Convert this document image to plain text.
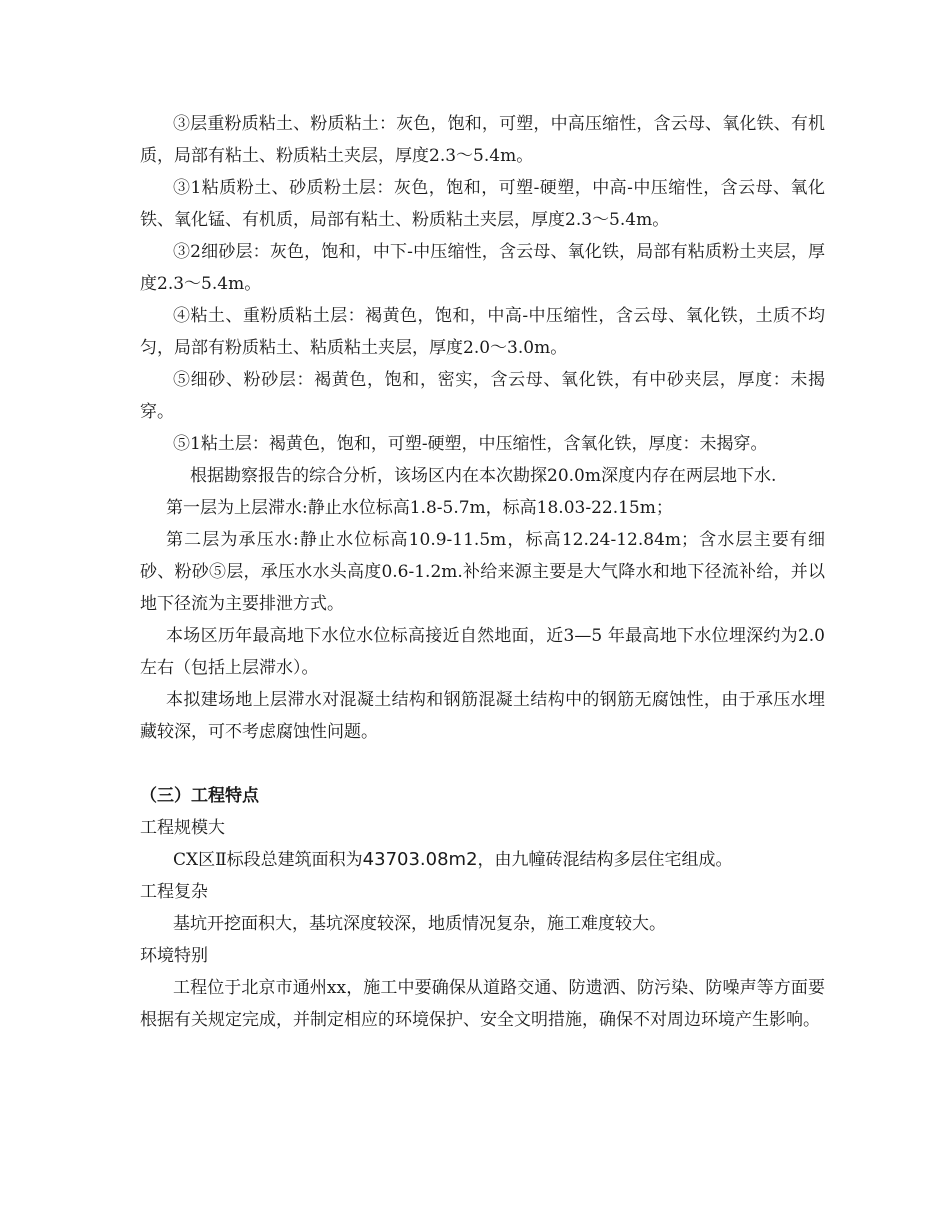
③层重粉质粘土、粉质粘土：灰色，饱和，可塑，中高压缩性，含云母、氧化铁、有机质，局部有粘土、粉质粘土夹层，厚度2.3～5.4m。

③1粘质粉土、砂质粉土层：灰色，饱和，可塑-硬塑，中高-中压缩性，含云母、氧化铁、氧化锰、有机质，局部有粘土、粉质粘土夹层，厚度2.3～5.4m。

③2细砂层：灰色，饱和，中下-中压缩性，含云母、氧化铁，局部有粘质粉土夹层，厚度2.3～5.4m。

④粘土、重粉质粘土层：褐黄色，饱和，中高-中压缩性，含云母、氧化铁，土质不均匀，局部有粉质粘土、粘质粘土夹层，厚度2.0～3.0m。

⑤细砂、粉砂层：褐黄色，饱和，密实，含云母、氧化铁，有中砂夹层，厚度：未揭穿。

⑤1粘土层：褐黄色，饱和，可塑-硬塑，中压缩性，含氧化铁，厚度：未揭穿。

根据勘察报告的综合分析，该场区内在本次勘探20.0m深度内存在两层地下水.

第一层为上层滞水:静止水位标高1.8-5.7m，标高18.03-22.15m；

第二层为承压水:静止水位标高10.9-11.5m，标高12.24-12.84m；含水层主要有细砂、粉砂⑤层，承压水水头高度0.6-1.2m.补给来源主要是大气降水和地下径流补给，并以地下径流为主要排泄方式。

本场区历年最高地下水位水位标高接近自然地面，近3—5 年最高地下水位埋深约为2.0左右（包括上层滞水）。

本拟建场地上层滞水对混凝土结构和钢筋混凝土结构中的钢筋无腐蚀性，由于承压水埋藏较深，可不考虑腐蚀性问题。

（三）工程特点

工程规模大

CX区Ⅱ标段总建筑面积为43703.08m2，由九幢砖混结构多层住宅组成。

工程复杂

基坑开挖面积大，基坑深度较深，地质情况复杂，施工难度较大。

环境特别

工程位于北京市通州xx，施工中要确保从道路交通、防遗洒、防污染、防噪声等方面要根据有关规定完成，并制定相应的环境保护、安全文明措施，确保不对周边环境产生影响。
